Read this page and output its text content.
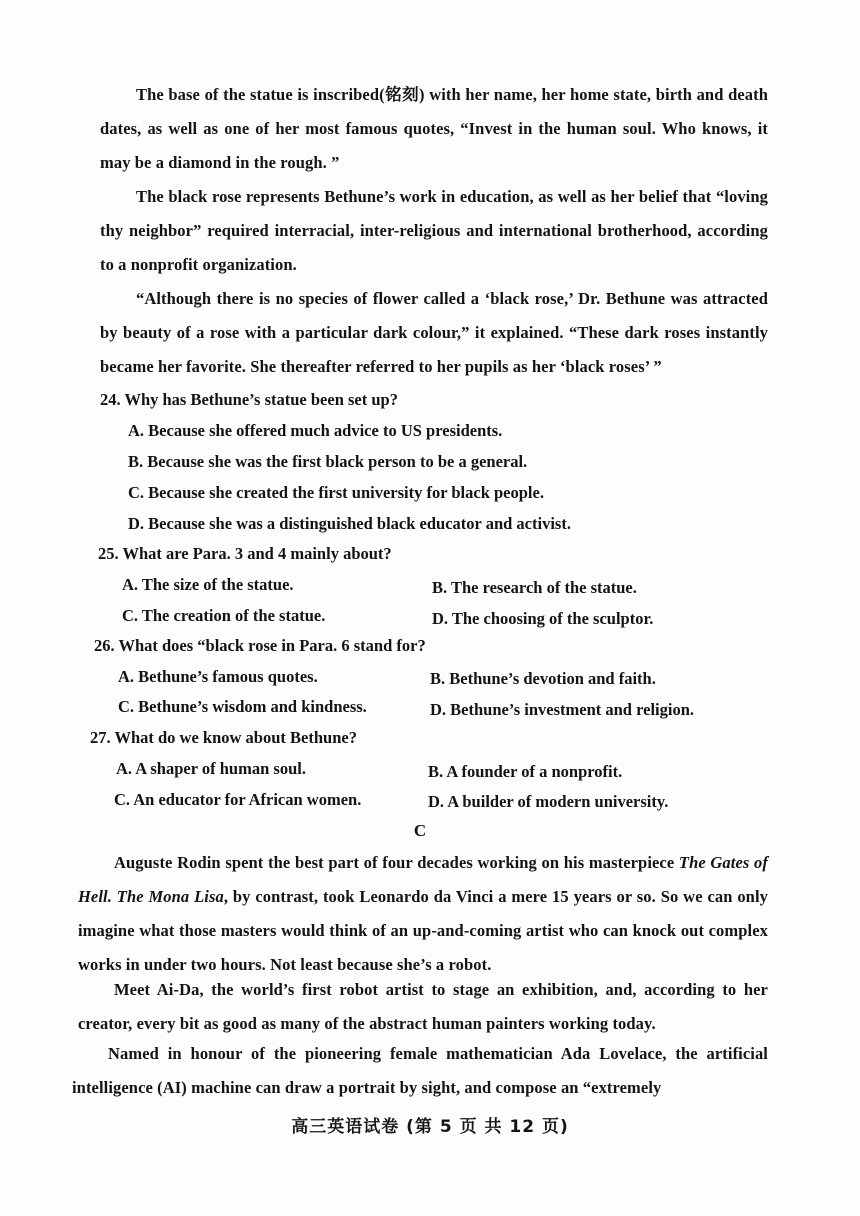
The base of the statue is inscribed(铭刻) with her name, her home state, birth and death dates, as well as one of her most famous quotes, “Invest in the human soul. Who knows, it may be a diamond in the rough. ”
The black rose represents Bethune’s work in education, as well as her belief that “loving thy neighbor” required interracial, inter-religious and international brotherhood, according to a nonprofit organization.
“Although there is no species of flower called a ‘black rose,’ Dr. Bethune was attracted by beauty of a rose with a particular dark colour,” it explained. “These dark roses instantly became her favorite. She thereafter referred to her pupils as her ‘black roses’ ”
24. Why has Bethune’s statue been set up?
A. Because she offered much advice to US presidents.
B. Because she was the first black person to be a general.
C. Because she created the first university for black people.
D. Because she was a distinguished black educator and activist.
25. What are Para. 3 and 4 mainly about?
A. The size of the statue.	B. The research of the statue.
C. The creation of the statue.	D. The choosing of the sculptor.
26. What does “black rose in Para. 6 stand for?
A. Bethune’s famous quotes.	B. Bethune’s devotion and faith.
C. Bethune’s wisdom and kindness.	D. Bethune’s investment and religion.
27. What do we know about Bethune?
A. A shaper of human soul.	B. A founder of a nonprofit.
C. An educator for African women.	D. A builder of modern university.
C
Auguste Rodin spent the best part of four decades working on his masterpiece The Gates of Hell. The Mona Lisa, by contrast, took Leonardo da Vinci a mere 15 years or so. So we can only imagine what those masters would think of an up-and-coming artist who can knock out complex works in under two hours. Not least because she’s a robot.
Meet Ai-Da, the world’s first robot artist to stage an exhibition, and, according to her creator, every bit as good as many of the abstract human painters working today.
Named in honour of the pioneering female mathematician Ada Lovelace, the artificial intelligence (AI) machine can draw a portrait by sight, and compose an “extremely
高三英语试卷 (第 5 页 共 12 页)
